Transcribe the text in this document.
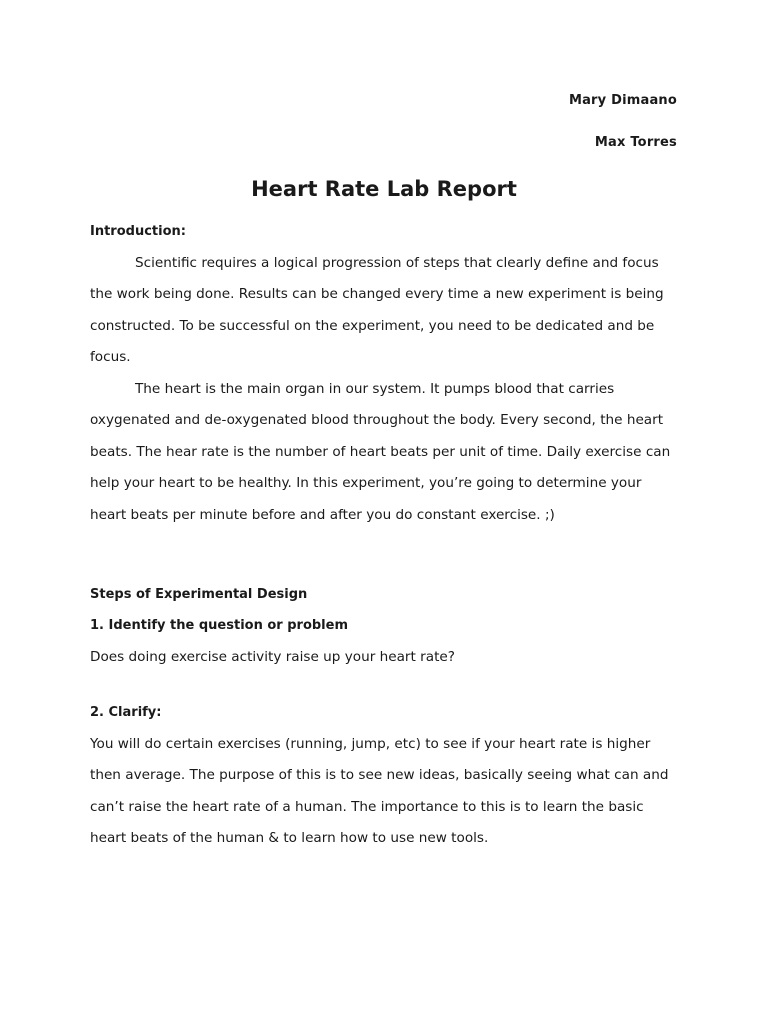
Mary Dimaano
Max Torres
Heart Rate Lab Report
Introduction:

Scientific requires a logical progression of steps that clearly define and focus the work being done. Results can be changed every time a new experiment is being constructed. To be successful on the experiment, you need to be dedicated and be focus.

The heart is the main organ in our system. It pumps blood that carries oxygenated and de-oxygenated blood throughout the body. Every second, the heart beats. The hear rate is the number of heart beats per unit of time. Daily exercise can help your heart to be healthy. In this experiment, you’re going to determine your heart beats per minute before and after you do constant exercise. ;)

Steps of Experimental Design
1. Identify the question or problem

Does doing exercise activity raise up your heart rate?

2. Clarify:

You will do certain exercises (running, jump, etc) to see if your heart rate is higher then average. The purpose of this is to see new ideas, basically seeing what can and can’t raise the heart rate of a human. The importance to this is to learn the basic heart beats of the human & to learn how to use new tools.
